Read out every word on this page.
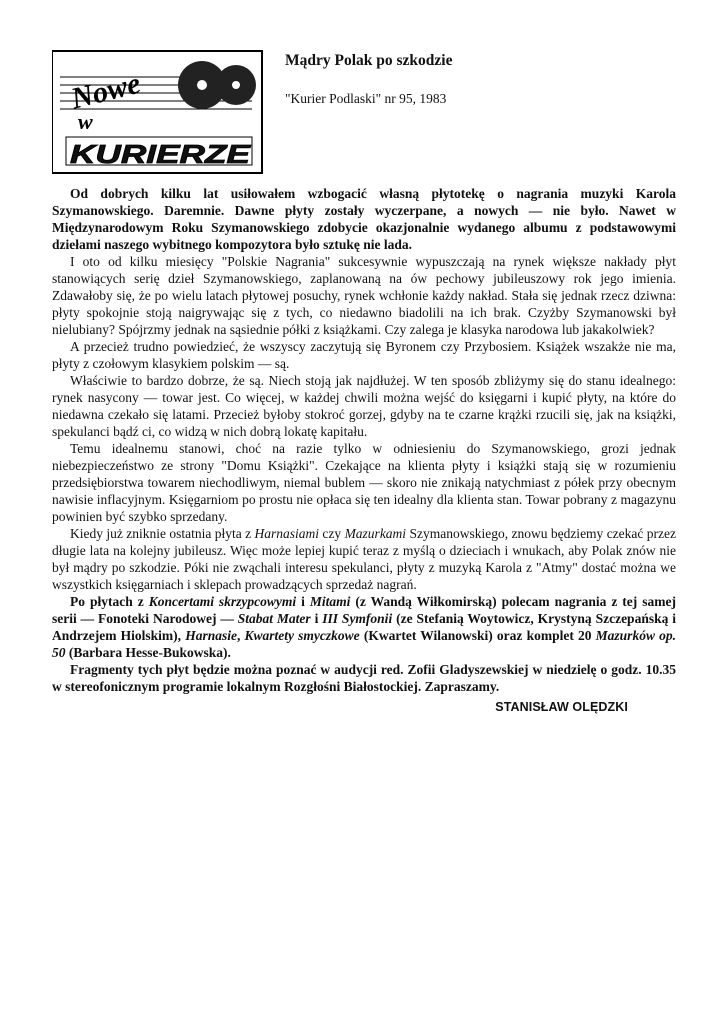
Nowe
w
KURIERZE
Mądry Polak po szkodzie

"Kurier Podlaski" nr 95, 1983

Od dobrych kilku lat usiłowałem wzbogacić własną płytotekę o nagrania muzyki Karola Szymanowskiego. Daremnie. Dawne płyty zostały wyczerpane, a nowych — nie było. Nawet w Międzynarodowym Roku Szymanowskiego zdobycie okazjonalnie wydanego albumu z podstawowymi dziełami naszego wybitnego kompozytora było sztukę nie lada.

I oto od kilku miesięcy "Polskie Nagrania" sukcesywnie wypuszczają na rynek większe nakłady płyt stanowiących serię dzieł Szymanowskiego, zaplanowaną na ów pechowy jubileuszowy rok jego imienia. Zdawałoby się, że po wielu latach płytowej posuchy, rynek wchłonie każdy nakład. Stała się jednak rzecz dziwna: płyty spokojnie stoją naigrywając się z tych, co niedawno biadolili na ich brak. Czyżby Szymanowski był nielubiany? Spójrzmy jednak na sąsiednie półki z książkami. Czy zalega je klasyka narodowa lub jakakolwiek?

A przecież trudno powiedzieć, że wszyscy zaczytują się Byronem czy Przybosiem. Książek wszakże nie ma, płyty z czołowym klasykiem polskim — są.

Właściwie to bardzo dobrze, że są. Niech stoją jak najdłużej. W ten sposób zbliżymy się do stanu idealnego: rynek nasycony — towar jest. Co więcej, w każdej chwili można wejść do księgarni i kupić płyty, na które do niedawna czekało się latami. Przecież byłoby stokroć gorzej, gdyby na te czarne krążki rzucili się, jak na książki, spekulanci bądź ci, co widzą w nich dobrą lokatę kapitału.

Temu idealnemu stanowi, choć na razie tylko w odniesieniu do Szymanowskiego, grozi jednak niebezpieczeństwo ze strony "Domu Książki". Czekające na klienta płyty i książki stają się w rozumieniu przedsiębiorstwa towarem niechodliwym, niemal bublem — skoro nie znikają natychmiast z półek przy obecnym nawisie inflacyjnym. Księgarniom po prostu nie opłaca się ten idealny dla klienta stan. Towar pobrany z magazynu powinien być szybko sprzedany.

Kiedy już zniknie ostatnia płyta z Harnasiami czy Mazurkami Szymanowskiego, znowu będziemy czekać przez długie lata na kolejny jubileusz. Więc może lepiej kupić teraz z myślą o dzieciach i wnukach, aby Polak znów nie był mądry po szkodzie. Póki nie zwąchali interesu spekulanci, płyty z muzyką Karola z "Atmy" dostać można we wszystkich księgarniach i sklepach prowadzących sprzedaż nagrań.

Po płytach z Koncertami skrzypcowymi i Mitami (z Wandą Wiłkomirską) polecam nagrania z tej samej serii — Fonoteki Narodowej — Stabat Mater i III Symfonii (ze Stefanią Woytowicz, Krystyną Szczepańską i Andrzejem Hiolskim), Harnasie, Kwartety smyczkowe (Kwartet Wilanowski) oraz komplet 20 Mazurków op. 50 (Barbara Hesse-Bukowska).

Fragmenty tych płyt będzie można poznać w audycji red. Zofii Gladyszewskiej w niedzielę o godz. 10.35 w stereofonicznym programie lokalnym Rozgłośni Białostockiej. Zapraszamy.

STANISŁAW OLĘDZKI
